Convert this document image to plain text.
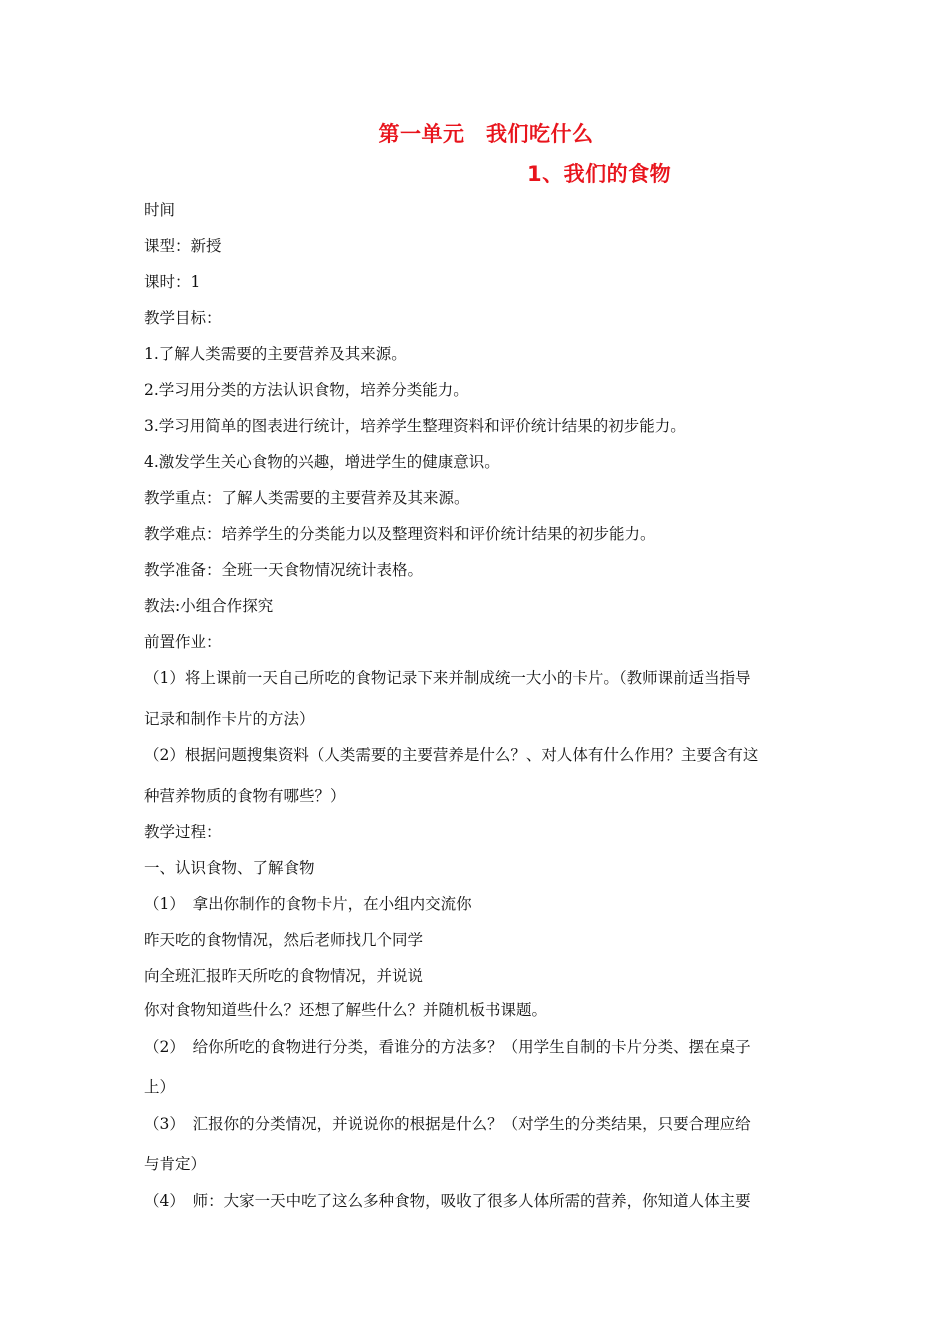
第一单元　我们吃什么
1、我们的食物
时间
课型：新授
课时：1
教学目标：
1.了解人类需要的主要营养及其来源。
2.学习用分类的方法认识食物，培养分类能力。
3.学习用简单的图表进行统计，培养学生整理资料和评价统计结果的初步能力。
4.激发学生关心食物的兴趣，增进学生的健康意识。
教学重点：了解人类需要的主要营养及其来源。
教学难点：培养学生的分类能力以及整理资料和评价统计结果的初步能力。
教学准备：全班一天食物情况统计表格。
教法:小组合作探究
前置作业：
（1）将上课前一天自己所吃的食物记录下来并制成统一大小的卡片。（教师课前适当指导
记录和制作卡片的方法）
（2）根据问题搜集资料（人类需要的主要营养是什么？、对人体有什么作用？主要含有这
种营养物质的食物有哪些？）
教学过程：
一、认识食物、了解食物
（1）　拿出你制作的食物卡片，在小组内交流你
昨天吃的食物情况，然后老师找几个同学
向全班汇报昨天所吃的食物情况，并说说
你对食物知道些什么？还想了解些什么？并随机板书课题。
（2）　给你所吃的食物进行分类，看谁分的方法多？（用学生自制的卡片分类、摆在桌子
上）
（3）　汇报你的分类情况，并说说你的根据是什么？（对学生的分类结果，只要合理应给
与肯定）
（4）　师：大家一天中吃了这么多种食物，吸收了很多人体所需的营养，你知道人体主要
